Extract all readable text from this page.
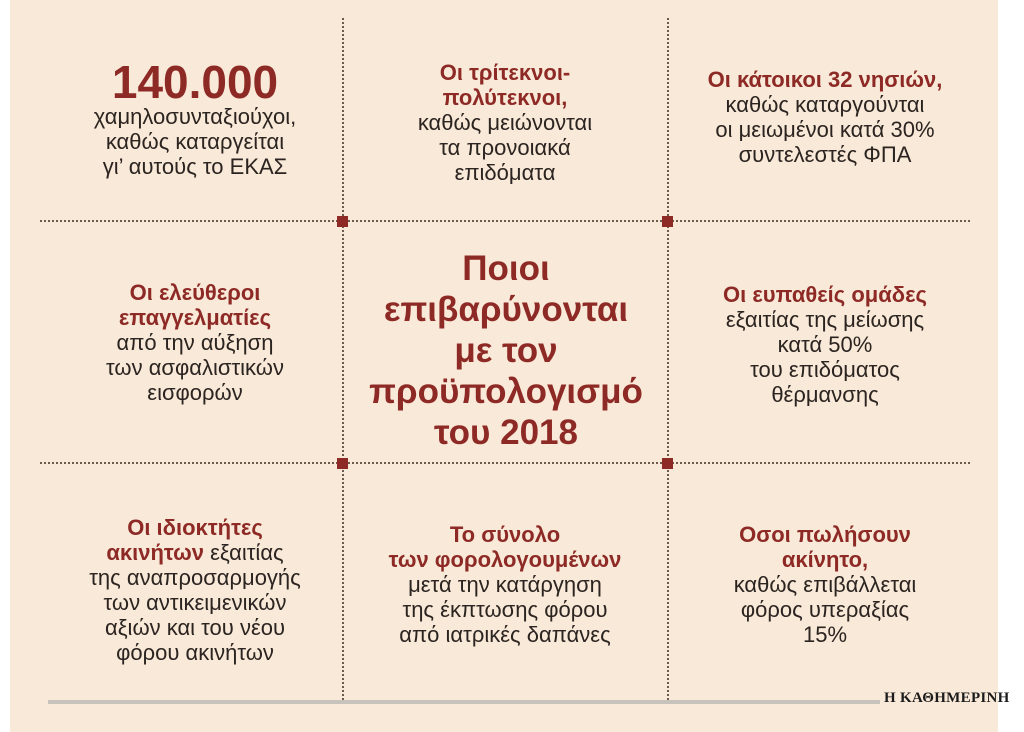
140.000
χαμηλοσυνταξιούχοι,
καθώς καταργείται
γι’ αυτούς το ΕΚΑΣ
Οι τρίτεκνοι-
πολύτεκνοι,
καθώς μειώνονται
τα προνοιακά
επιδόματα
Οι κάτοικοι 32 νησιών,
καθώς καταργούνται
οι μειωμένοι κατά 30%
συντελεστές ΦΠΑ
Οι ελεύθεροι
επαγγελματίες
από την αύξηση
των ασφαλιστικών
εισφορών
Ποιοι
επιβαρύνονται
με τον
προϋπολογισμό
του 2018
Οι ευπαθείς ομάδες
εξαιτίας της μείωσης
κατά 50%
του επιδόματος
θέρμανσης
Οι ιδιοκτήτες
ακινήτων εξαιτίας
της αναπροσαρμογής
των αντικειμενικών
αξιών και του νέου
φόρου ακινήτων
Το σύνολο
των φορολογουμένων
μετά την κατάργηση
της έκπτωσης φόρου
από ιατρικές δαπάνες
Οσοι πωλήσουν
ακίνητο,
καθώς επιβάλλεται
φόρος υπεραξίας
15%
Η ΚΑΘΗΜΕΡΙΝΗ
